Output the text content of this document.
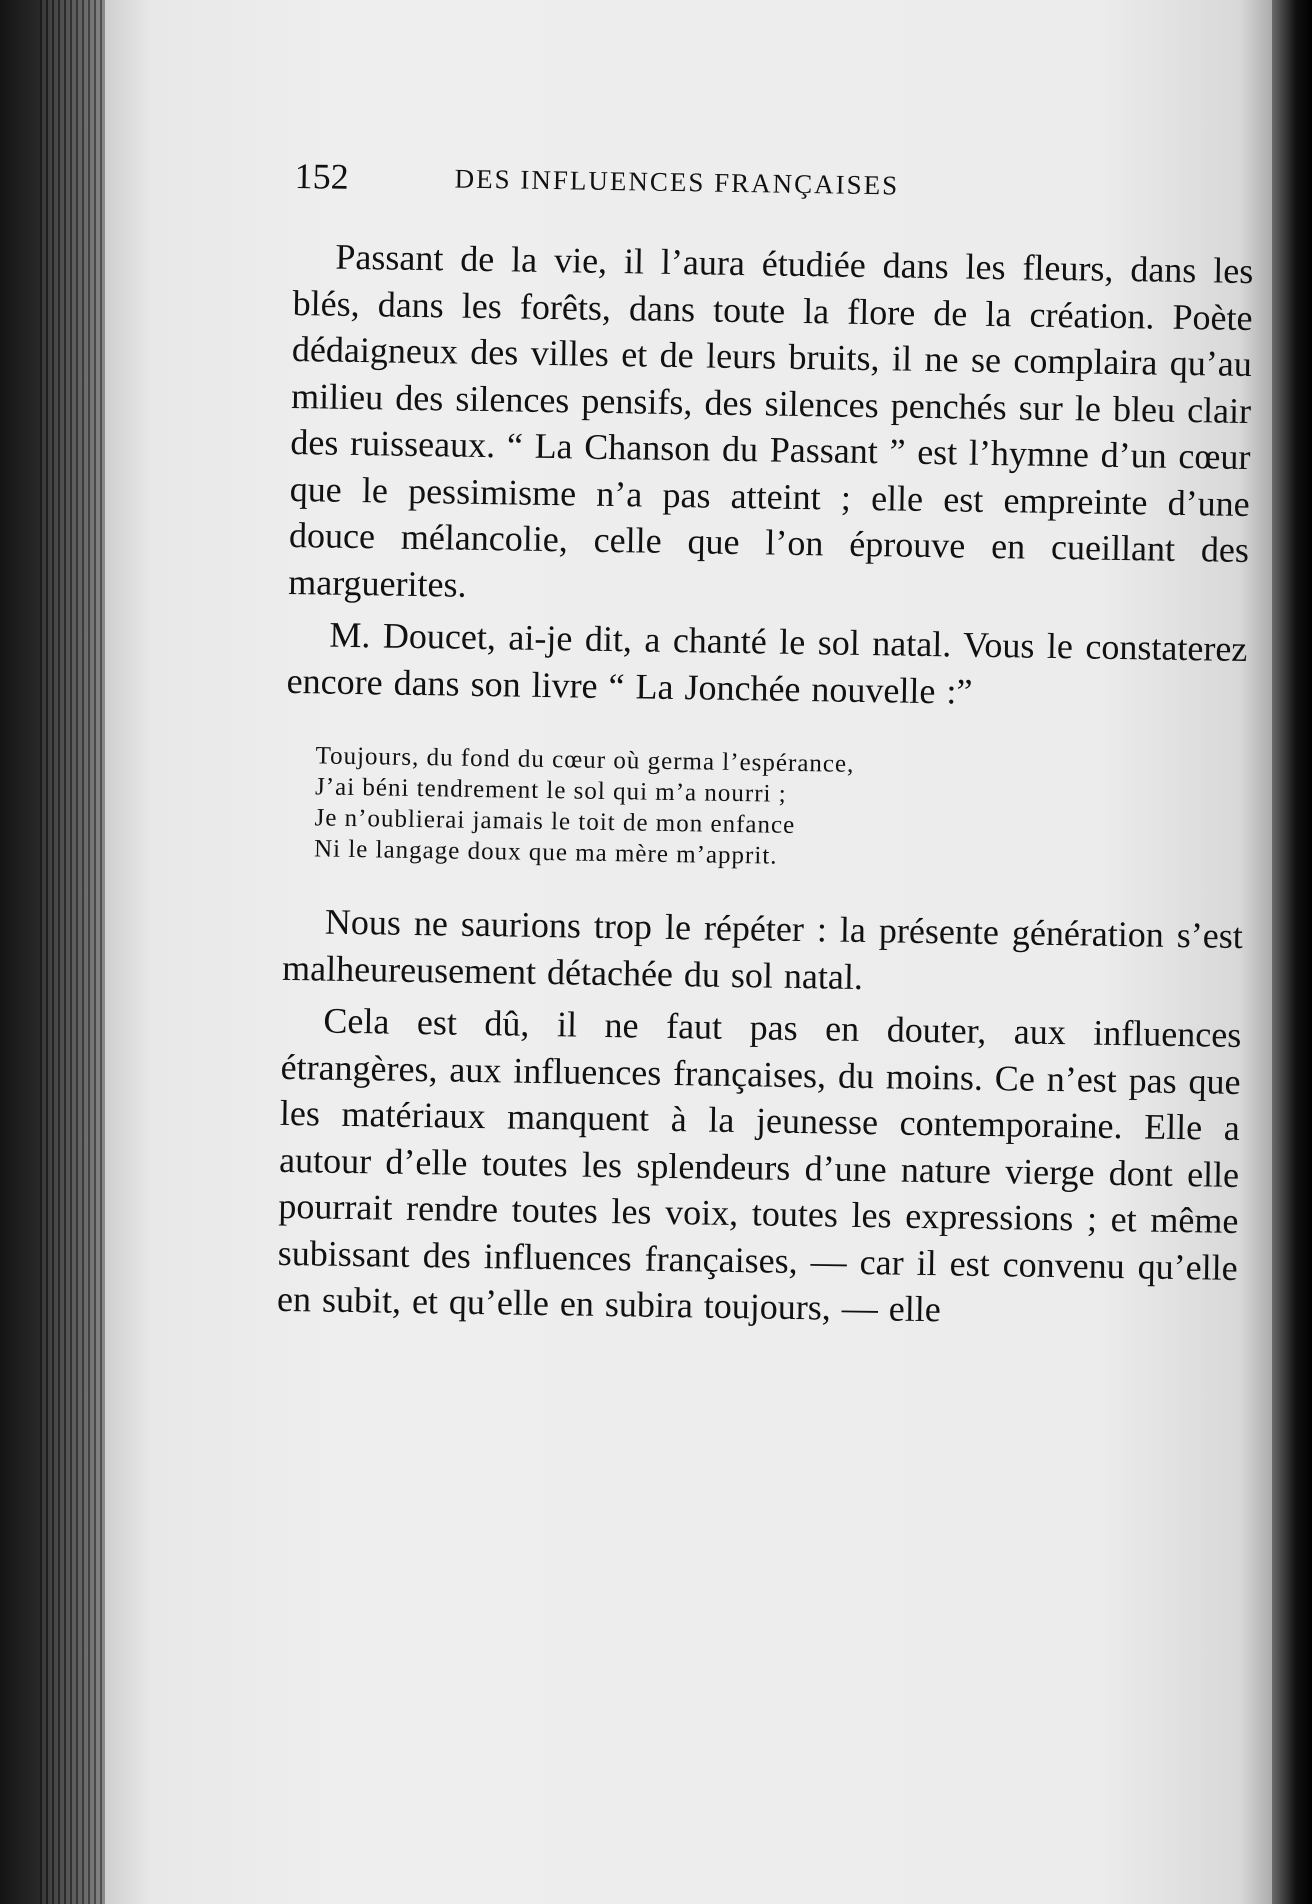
152	DES INFLUENCES FRANÇAISES

Passant de la vie, il l’aura étudiée dans les fleurs, dans les blés, dans les forêts, dans toute la flore de la création. Poète dédaigneux des villes et de leurs bruits, il ne se complaira qu’au milieu des silences pensifs, des silences penchés sur le bleu clair des ruisseaux. “ La Chanson du Passant ” est l’hymne d’un cœur que le pessimisme n’a pas atteint ; elle est empreinte d’une douce mélancolie, celle que l’on éprouve en cueillant des marguerites.

M. Doucet, ai-je dit, a chanté le sol natal. Vous le constaterez encore dans son livre “ La Jonchée nouvelle :”

Toujours, du fond du cœur où germa l’espérance,
J’ai béni tendrement le sol qui m’a nourri ;
Je n’oublierai jamais le toit de mon enfance
Ni le langage doux que ma mère m’apprit.

Nous ne saurions trop le répéter : la présente génération s’est malheureusement détachée du sol natal.

Cela est dû, il ne faut pas en douter, aux influences étrangères, aux influences françaises, du moins. Ce n’est pas que les matériaux manquent à la jeunesse contemporaine. Elle a autour d’elle toutes les splendeurs d’une nature vierge dont elle pourrait rendre toutes les voix, toutes les expressions ; et même subissant des influences françaises, — car il est convenu qu’elle en subit, et qu’elle en subira toujours, — elle
